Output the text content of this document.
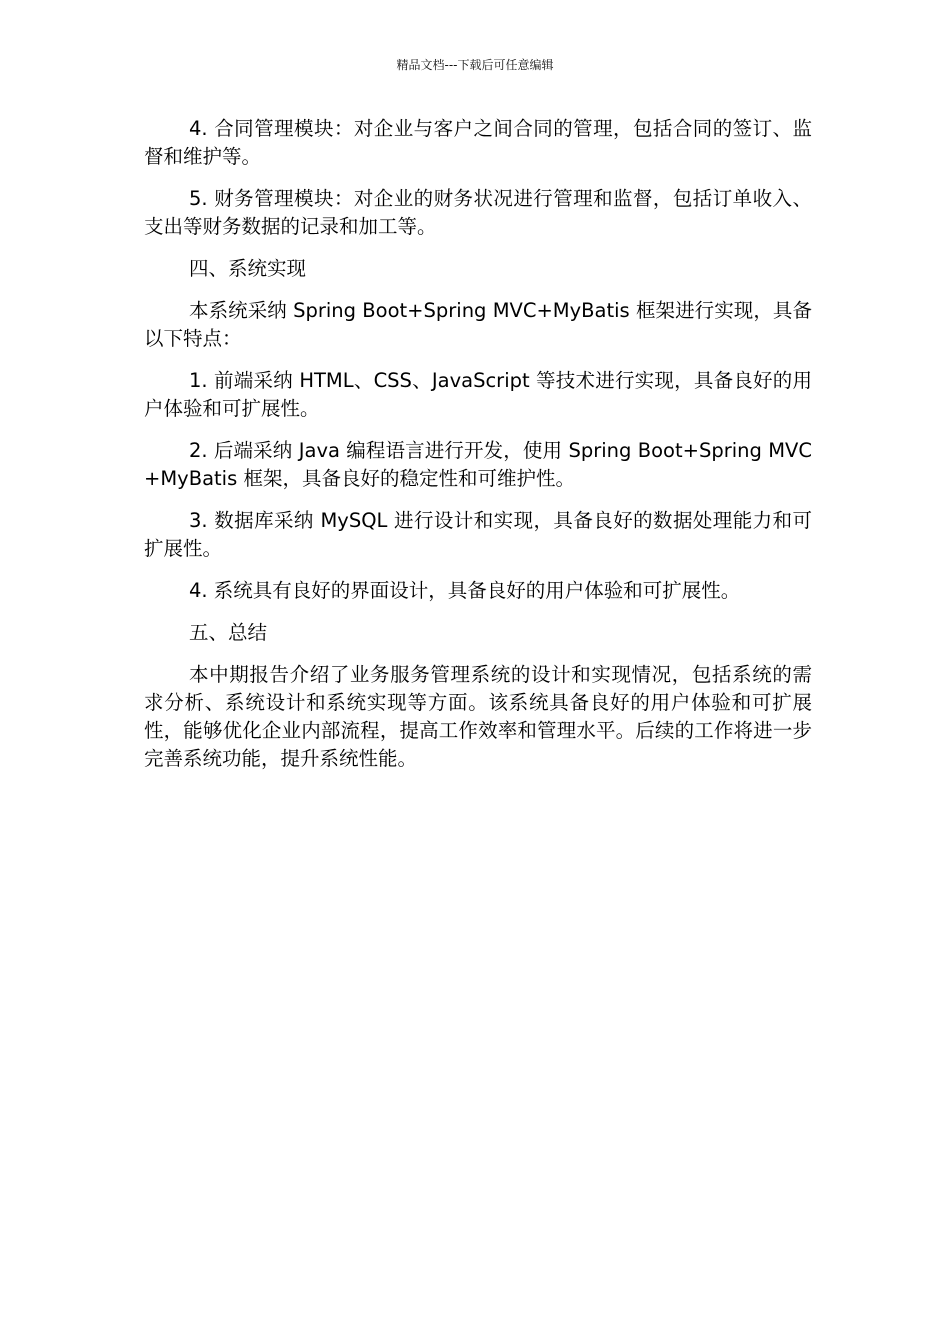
精品文档---下载后可任意编辑

4. 合同管理模块：对企业与客户之间合同的管理，包括合同的签订、监督和维护等。

5. 财务管理模块：对企业的财务状况进行管理和监督，包括订单收入、支出等财务数据的记录和加工等。

四、系统实现

本系统采纳 Spring Boot+Spring MVC+MyBatis 框架进行实现，具备以下特点：

1. 前端采纳 HTML、CSS、JavaScript 等技术进行实现，具备良好的用户体验和可扩展性。

2. 后端采纳 Java 编程语言进行开发，使用 Spring Boot+Spring MVC+MyBatis 框架，具备良好的稳定性和可维护性。

3. 数据库采纳 MySQL 进行设计和实现，具备良好的数据处理能力和可扩展性。

4. 系统具有良好的界面设计，具备良好的用户体验和可扩展性。

五、总结

本中期报告介绍了业务服务管理系统的设计和实现情况，包括系统的需求分析、系统设计和系统实现等方面。该系统具备良好的用户体验和可扩展性，能够优化企业内部流程，提高工作效率和管理水平。后续的工作将进一步完善系统功能，提升系统性能。
